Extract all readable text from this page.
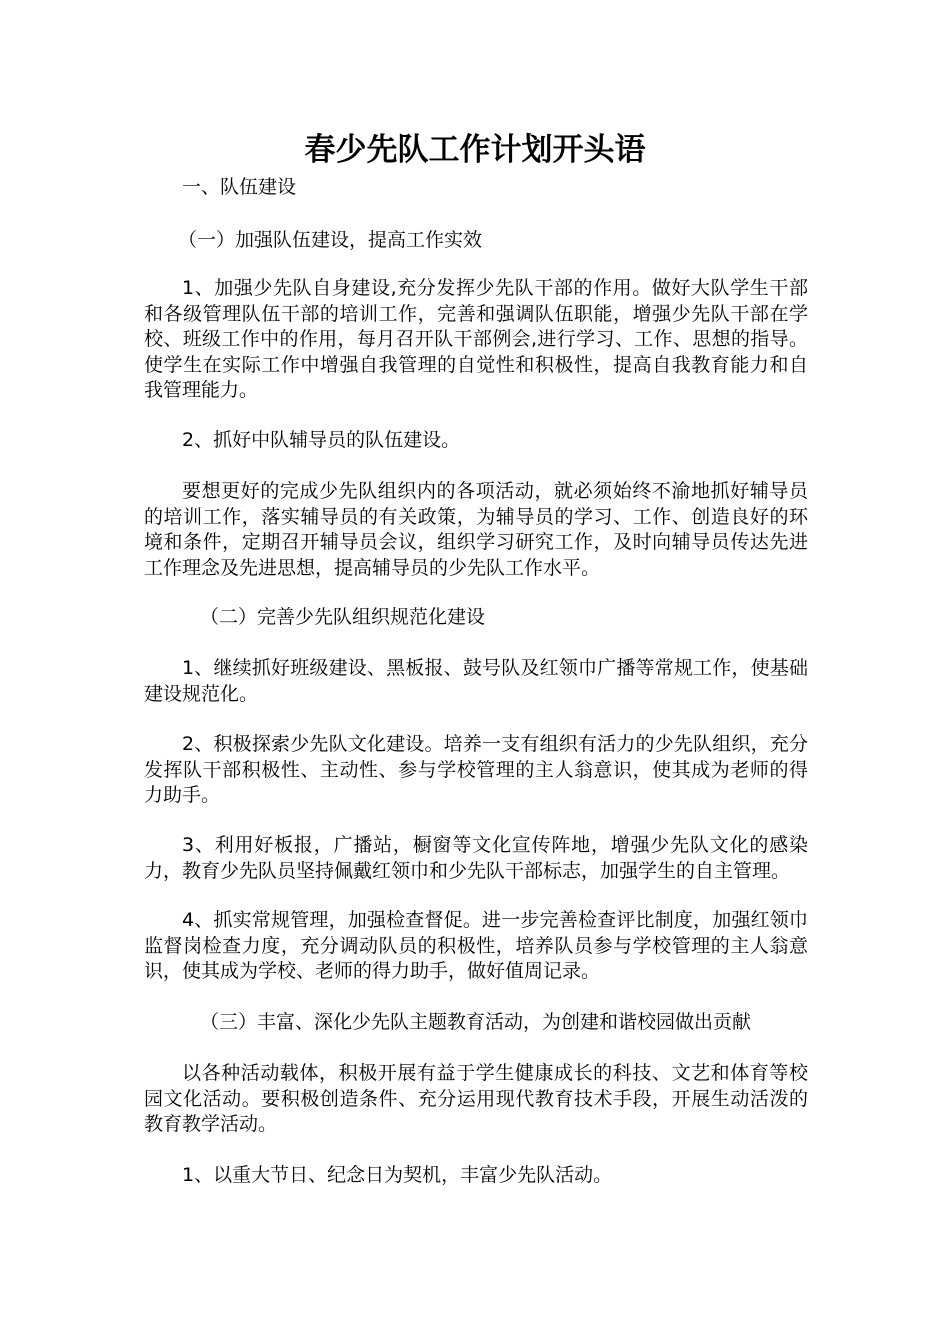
春少先队工作计划开头语

一、队伍建设

（一）加强队伍建设，提高工作实效

1、加强少先队自身建设,充分发挥少先队干部的作用。做好大队学生干部和各级管理队伍干部的培训工作，完善和强调队伍职能，增强少先队干部在学校、班级工作中的作用，每月召开队干部例会,进行学习、工作、思想的指导。使学生在实际工作中增强自我管理的自觉性和积极性，提高自我教育能力和自我管理能力。

2、抓好中队辅导员的队伍建设。

要想更好的完成少先队组织内的各项活动，就必须始终不渝地抓好辅导员的培训工作，落实辅导员的有关政策，为辅导员的学习、工作、创造良好的环境和条件，定期召开辅导员会议，组织学习研究工作，及时向辅导员传达先进工作理念及先进思想，提高辅导员的少先队工作水平。

（二）完善少先队组织规范化建设

1、继续抓好班级建设、黑板报、鼓号队及红领巾广播等常规工作，使基础建设规范化。

2、积极探索少先队文化建设。培养一支有组织有活力的少先队组织，充分发挥队干部积极性、主动性、参与学校管理的主人翁意识，使其成为老师的得力助手。

3、利用好板报，广播站，橱窗等文化宣传阵地，增强少先队文化的感染力，教育少先队员坚持佩戴红领巾和少先队干部标志，加强学生的自主管理。

4、抓实常规管理，加强检查督促。进一步完善检查评比制度，加强红领巾监督岗检查力度，充分调动队员的积极性，培养队员参与学校管理的主人翁意识，使其成为学校、老师的得力助手，做好值周记录。

（三）丰富、深化少先队主题教育活动，为创建和谐校园做出贡献

以各种活动载体，积极开展有益于学生健康成长的科技、文艺和体育等校园文化活动。要积极创造条件、充分运用现代教育技术手段，开展生动活泼的教育教学活动。

1、以重大节日、纪念日为契机，丰富少先队活动。
